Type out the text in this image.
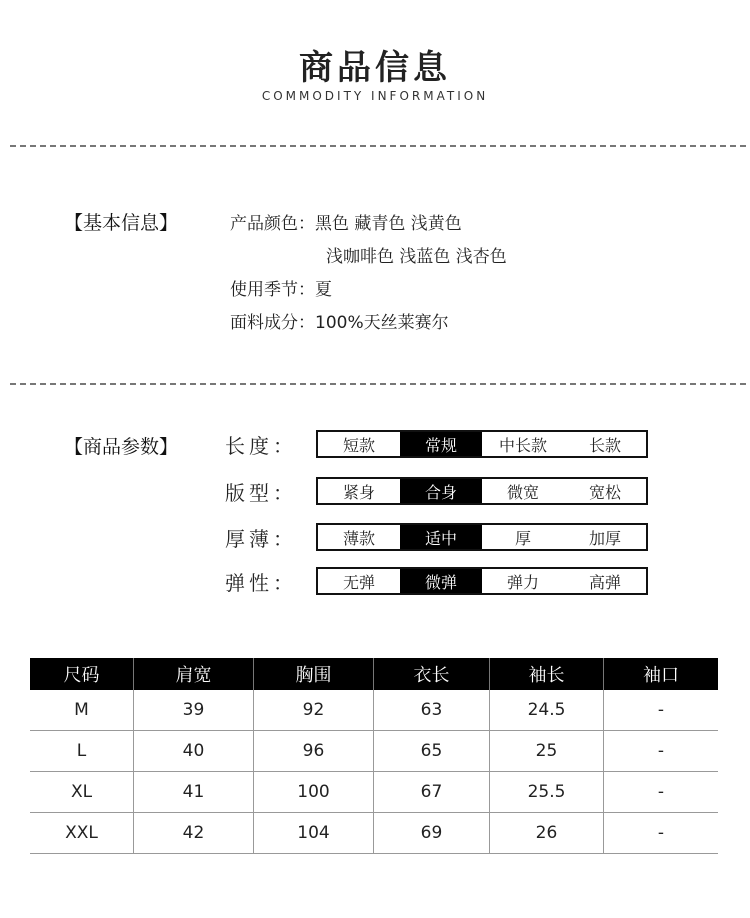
商品信息
COMMODITY INFORMATION
【基本信息】	产品颜色：黑色 藏青色 浅黄色
浅咖啡色 浅蓝色 浅杏色
使用季节：夏
面料成分：100%天丝莱赛尔
【商品参数】 长度：	短款	常规	中长款	长款
版型：	紧身	合身	微宽	宽松
厚薄：	薄款	适中	厚	加厚
弹性：	无弹	微弹	弹力	高弹
尺码	肩宽	胸围	衣长	袖长	袖口
M	39	92	63	24.5	-
L	40	96	65	25	-
XL	41	100	67	25.5	-
XXL	42	104	69	26	-
